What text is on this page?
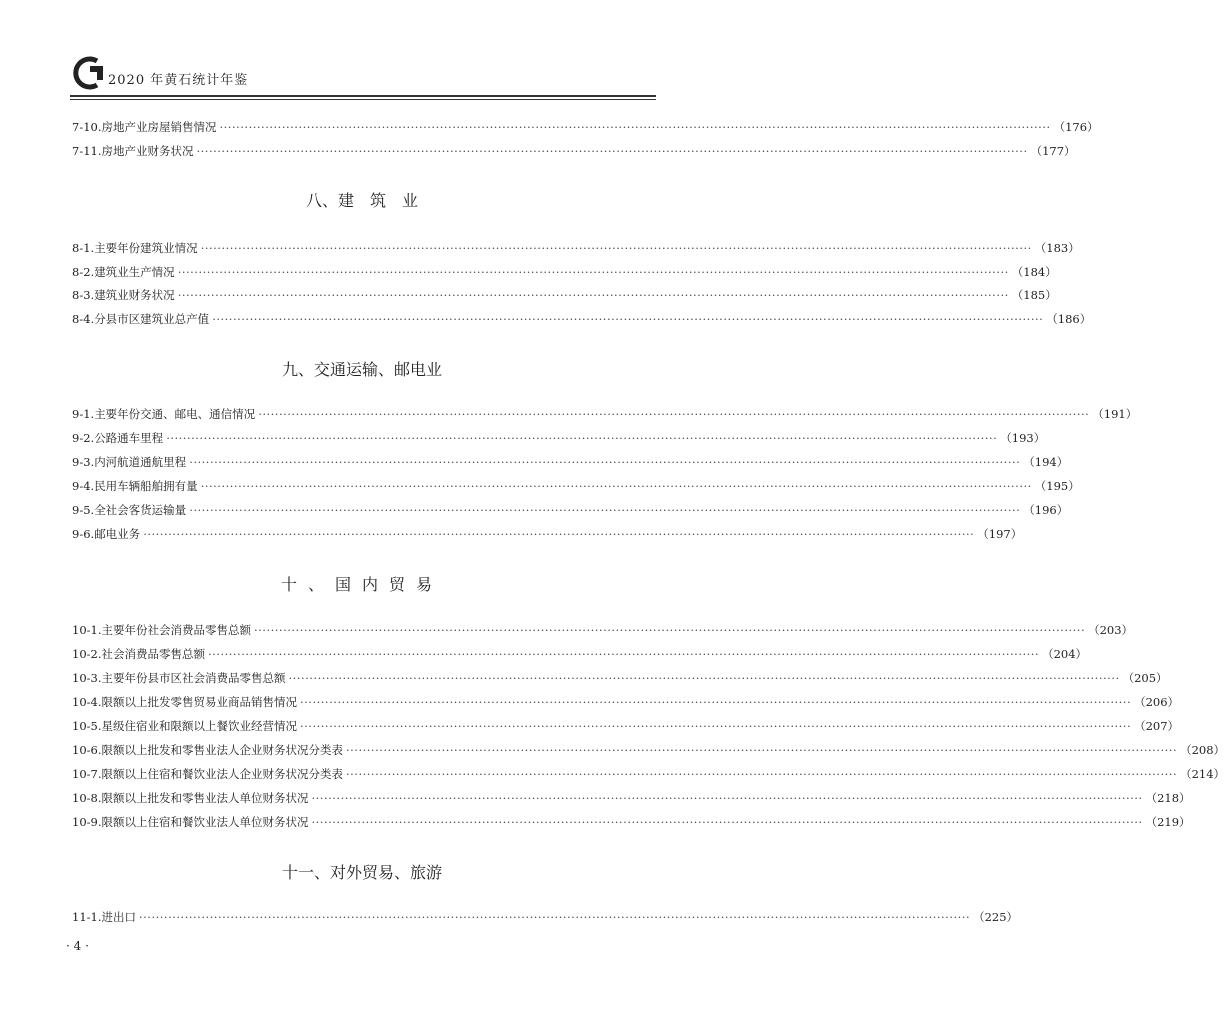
2020 年黄石统计年鉴
7-10. 房地产业房屋销售情况 ········································································································································································································ （176）
7-11. 房地产业财务状况 ········································································································································································································ （177）
八、建　筑　业
8-1. 主要年份建筑业情况 ········································································································································································································ （183）
8-2. 建筑业生产情况 ········································································································································································································ （184）
8-3. 建筑业财务状况 ········································································································································································································ （185）
8-4. 分县市区建筑业总产值 ········································································································································································································ （186）
九、交通运输、邮电业
9-1. 主要年份交通、邮电、通信情况 ········································································································································································································ （191）
9-2. 公路通车里程 ········································································································································································································ （193）
9-3. 内河航道通航里程 ········································································································································································································ （194）
9-4. 民用车辆船舶拥有量 ········································································································································································································ （195）
9-5. 全社会客货运输量 ········································································································································································································ （196）
9-6. 邮电业务 ········································································································································································································ （197）
十、国内贸易
10-1. 主要年份社会消费品零售总额 ········································································································································································································ （203）
10-2. 社会消费品零售总额 ········································································································································································································ （204）
10-3. 主要年份县市区社会消费品零售总额 ········································································································································································································ （205）
10-4. 限额以上批发零售贸易业商品销售情况 ········································································································································································································ （206）
10-5. 星级住宿业和限额以上餐饮业经营情况 ········································································································································································································ （207）
10-6. 限额以上批发和零售业法人企业财务状况分类表 ········································································································································································································ （208）
10-7. 限额以上住宿和餐饮业法人企业财务状况分类表 ········································································································································································································ （214）
10-8. 限额以上批发和零售业法人单位财务状况 ········································································································································································································ （218）
10-9. 限额以上住宿和餐饮业法人单位财务状况 ········································································································································································································ （219）
十一、对外贸易、旅游
11-1. 进出口 ········································································································································································································ （225）
· 4 ·
